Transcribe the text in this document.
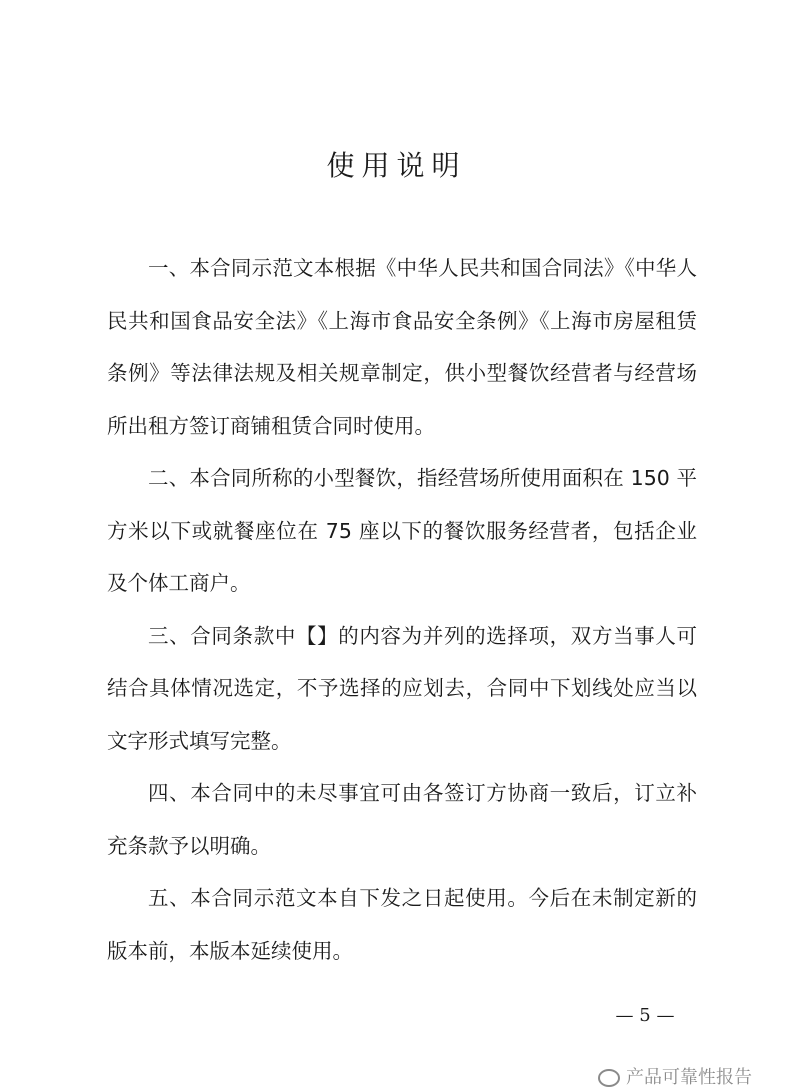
使用说明

一、本合同示范文本根据《中华人民共和国合同法》《中华人民共和国食品安全法》《上海市食品安全条例》《上海市房屋租赁条例》等法律法规及相关规章制定，供小型餐饮经营者与经营场所出租方签订商铺租赁合同时使用。

二、本合同所称的小型餐饮，指经营场所使用面积在 150 平方米以下或就餐座位在 75 座以下的餐饮服务经营者，包括企业及个体工商户。

三、合同条款中【】的内容为并列的选择项，双方当事人可结合具体情况选定，不予选择的应划去，合同中下划线处应当以文字形式填写完整。

四、本合同中的未尽事宜可由各签订方协商一致后，订立补充条款予以明确。

五、本合同示范文本自下发之日起使用。今后在未制定新的版本前，本版本延续使用。

— 5 —
产品可靠性报告
